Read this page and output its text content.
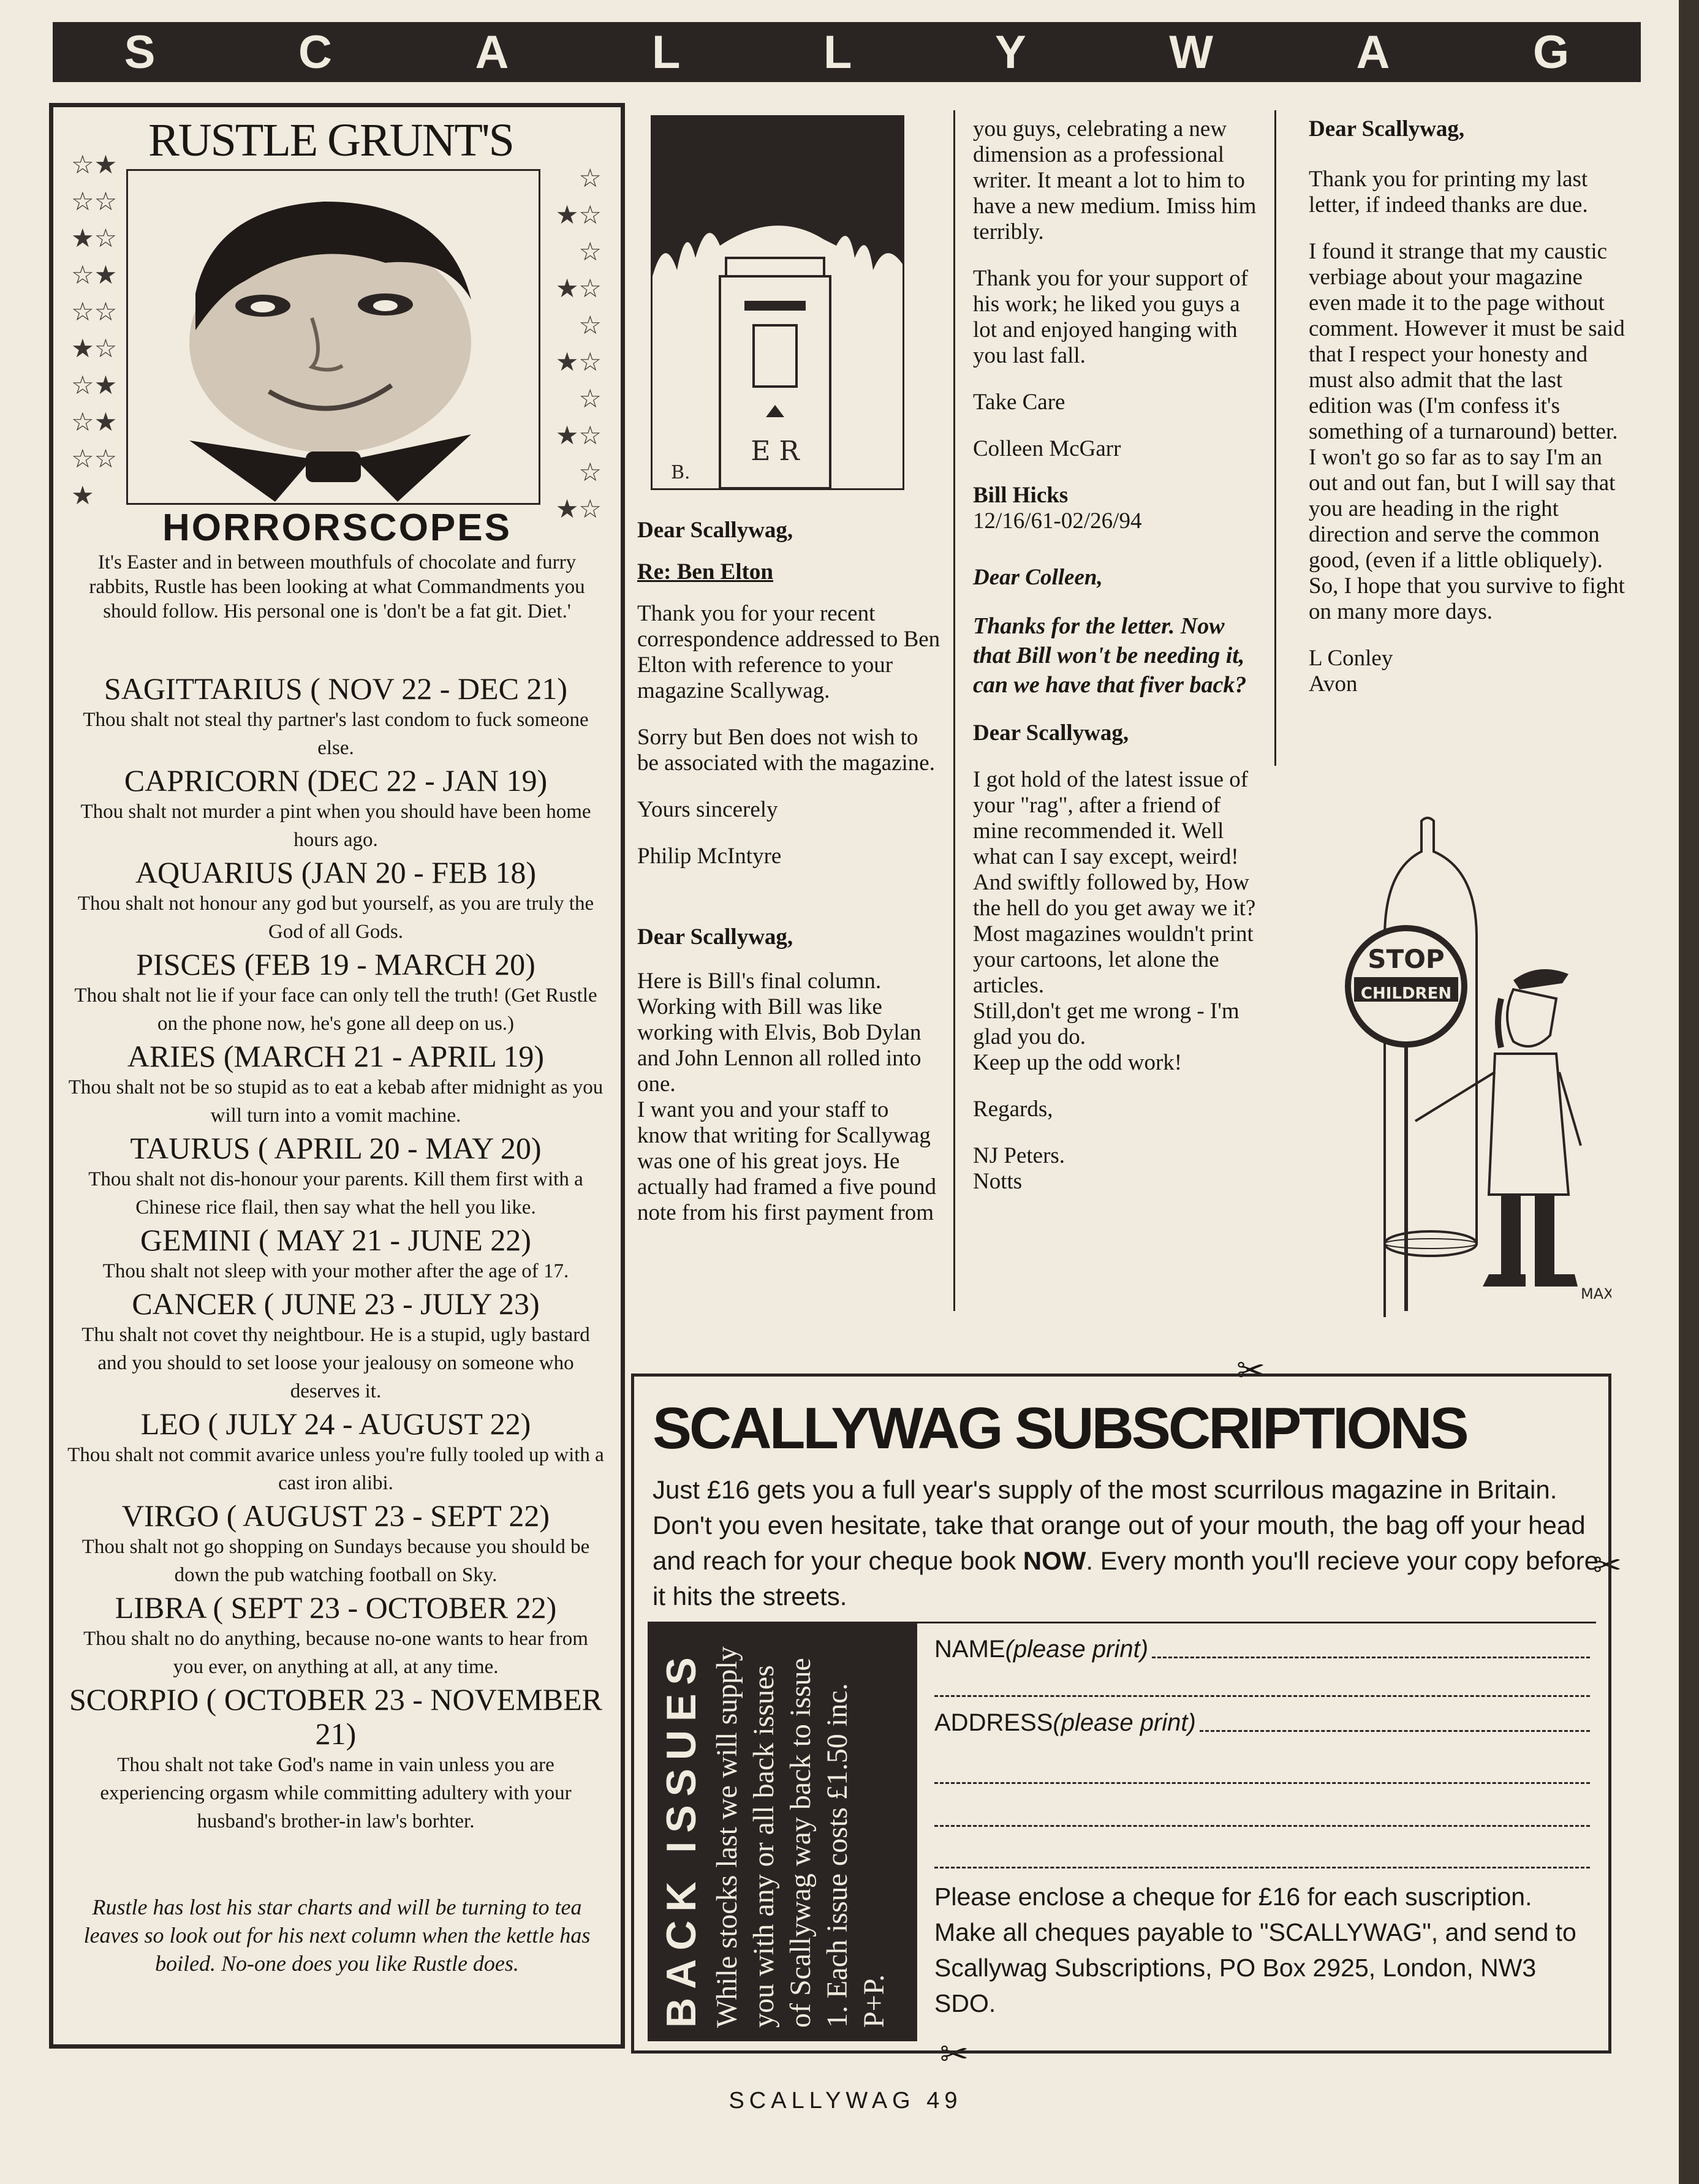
S	C	A	L	L	Y	W	A	G
RUSTLE GRUNT'S
☆★
☆☆
★☆
☆★
☆☆
★☆
☆★
☆★
☆☆
★
☆
★☆
☆
★☆
☆
★☆
☆
★☆
☆
★☆
HORRORSCOPES
It's Easter and in between mouthfuls of chocolate and furry rabbits, Rustle has been looking at what Commandments you should follow. His personal one is 'don't be a fat git. Diet.'
SAGITTARIUS ( NOV 22 - DEC 21)
Thou shalt not steal thy partner's last condom to fuck someone else.
CAPRICORN (DEC 22 - JAN 19)
Thou shalt not murder a pint when you should have been home hours ago.
AQUARIUS (JAN 20 - FEB 18)
Thou shalt not honour any god but yourself, as you are truly the God of all Gods.
PISCES (FEB 19 - MARCH 20)
Thou shalt not lie if your face can only tell the truth! (Get Rustle on the phone now, he's gone all deep on us.)
ARIES (MARCH 21 - APRIL 19)
Thou shalt not be so stupid as to eat a kebab after midnight as you will turn into a vomit machine.
TAURUS ( APRIL 20 - MAY 20)
Thou shalt not dis-honour your parents. Kill them first with a Chinese rice flail, then say what the hell you like.
GEMINI ( MAY 21 - JUNE 22)
Thou shalt not sleep with your mother after the age of 17.
CANCER ( JUNE 23 - JULY 23)
Thu shalt not covet thy neightbour. He is a stupid, ugly bastard and you should to set loose your jealousy on someone who deserves it.
LEO ( JULY 24 - AUGUST 22)
Thou shalt not commit avarice unless you're fully tooled up with a cast iron alibi.
VIRGO ( AUGUST 23 - SEPT 22)
Thou shalt not go shopping on Sundays because you should be down the pub watching football on Sky.
LIBRA ( SEPT 23 - OCTOBER 22)
Thou shalt no do anything, because no-one wants to hear from you ever, on anything at all, at any time.
SCORPIO ( OCTOBER 23 - NOVEMBER 21)
Thou shalt not take God's name in vain unless you are experiencing orgasm while committing adultery with your husband's brother-in law's borhter.
Rustle has lost his star charts and will be turning to tea leaves so look out for his next column when the kettle has boiled. No-one does you like Rustle does.
E R
B.

Dear Scallywag,

Re: Ben Elton

Thank you for your recent correspondence addressed to Ben Elton with reference to your magazine Scallywag.

Sorry but Ben does not wish to be associated with the magazine.

Yours sincerely

Philip McIntyre

Dear Scallywag,

Here is Bill's final column. Working with Bill was like working with Elvis, Bob Dylan and John Lennon all rolled into one.

I want you and your staff to know that writing for Scallywag was one of his great joys. He actually had framed a five pound note from his first payment from

you guys, celebrating a new dimension as a professional writer. It meant a lot to him to have a new medium. Imiss him terribly.

Thank you for your support of his work; he liked you guys a lot and enjoyed hanging with you last fall.

Take Care

Colleen McGarr

Bill Hicks
12/16/61-02/26/94

Dear Colleen,

Thanks for the letter. Now that Bill won't be needing it, can we have that fiver back?

Dear Scallywag,

I got hold of the latest issue of your "rag", after a friend of mine recommended it. Well what can I say except, weird! And swiftly followed by, How the hell do you get away we it? Most magazines wouldn't print your cartoons, let alone the articles.

Still,don't get me wrong - I'm glad you do.

Keep up the odd work!

Regards,

NJ Peters.
Notts

Dear Scallywag,

Thank you for printing my last letter, if indeed thanks are due.

I found it strange that my caustic verbiage about your magazine even made it to the page without comment. However it must be said that I respect your honesty and must also admit that the last edition was (I'm confess it's something of a turnaround) better. I won't go so far as to say I'm an out and out fan, but I will say that you are heading in the right direction and serve the common good, (even if a little obliquely).

So, I hope that you survive to fight on many more days.

L Conley
Avon

STOP
CHILDREN
MAX
✂
✂
✂
SCALLYWAG SUBSCRIPTIONS
Just £16 gets you a full year's supply of the most scurrilous magazine in Britain. Don't you even hesitate, take that orange out of your mouth, the bag off your head and reach for your cheque book NOW. Every month you'll recieve your copy before it hits the streets.
BACK ISSUES While stocks last we will supply you with any or all back issues of Scallywag way back to issue 1. Each issue costs £1.50 inc. P+P.
NAME (please print)
ADDRESS (please print)
Please enclose a cheque for £16 for each suscription. Make all cheques payable to "SCALLYWAG", and send to Scallywag Subscriptions, PO Box 2925, London, NW3 SDO.
SCALLYWAG 49
